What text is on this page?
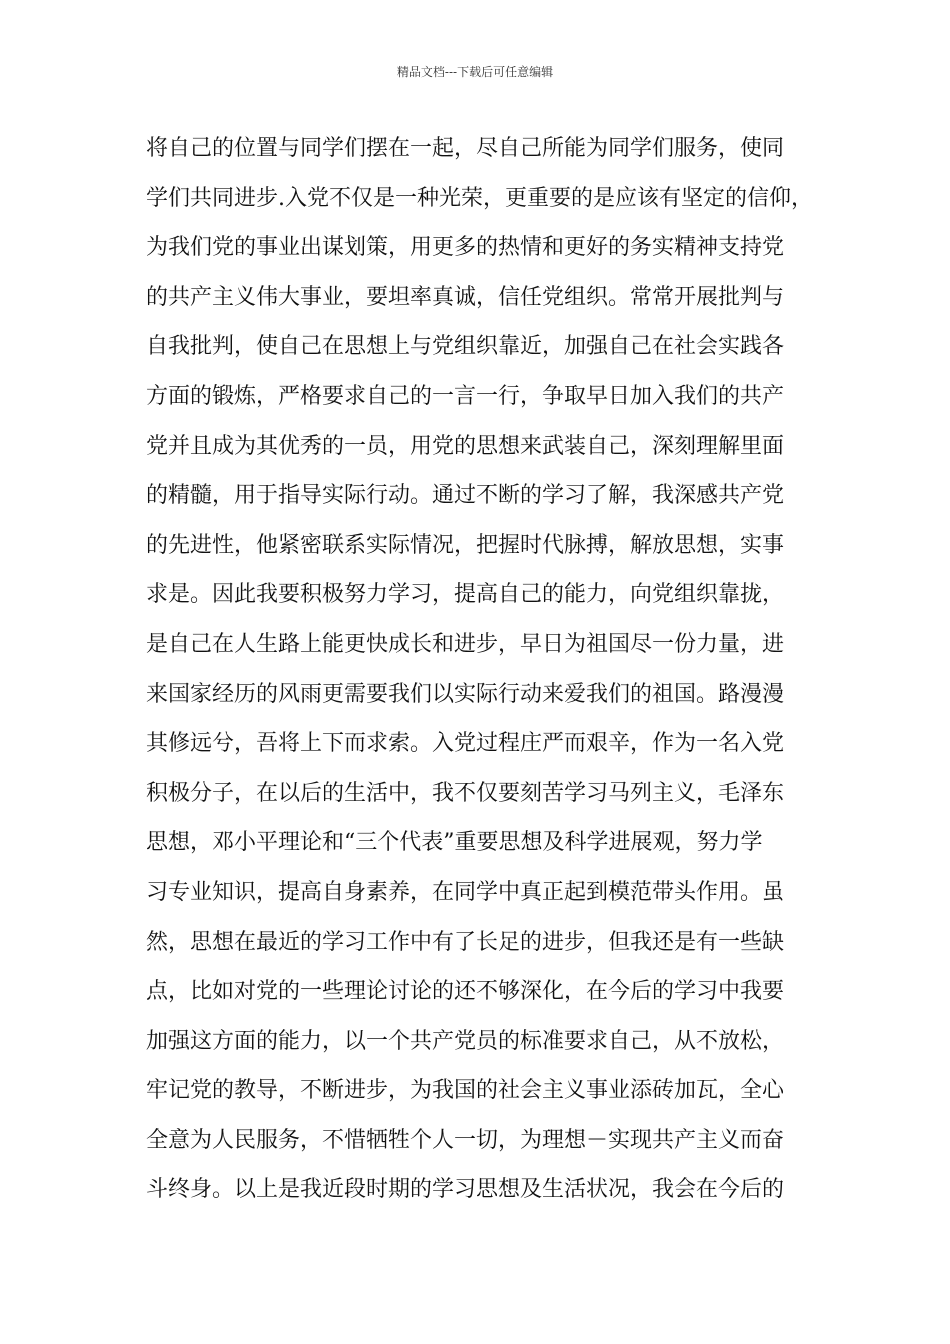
精品文档---下载后可任意编辑
将自己的位置与同学们摆在一起，尽自己所能为同学们服务，使同
学们共同进步.入党不仅是一种光荣，更重要的是应该有坚定的信仰，
为我们党的事业出谋划策，用更多的热情和更好的务实精神支持党
的共产主义伟大事业，要坦率真诚，信任党组织。常常开展批判与
自我批判，使自己在思想上与党组织靠近，加强自己在社会实践各
方面的锻炼，严格要求自己的一言一行，争取早日加入我们的共产
党并且成为其优秀的一员，用党的思想来武装自己，深刻理解里面
的精髓，用于指导实际行动。通过不断的学习了解，我深感共产党
的先进性，他紧密联系实际情况，把握时代脉搏，解放思想，实事
求是。因此我要积极努力学习，提高自己的能力，向党组织靠拢，
是自己在人生路上能更快成长和进步，早日为祖国尽一份力量，进
来国家经历的风雨更需要我们以实际行动来爱我们的祖国。路漫漫
其修远兮，吾将上下而求索。入党过程庄严而艰辛，作为一名入党
积极分子，在以后的生活中，我不仅要刻苦学习马列主义，毛泽东
思想，邓小平理论和“三个代表”重要思想及科学进展观，努力学
习专业知识，提高自身素养，在同学中真正起到模范带头作用。虽
然，思想在最近的学习工作中有了长足的进步，但我还是有一些缺
点，比如对党的一些理论讨论的还不够深化，在今后的学习中我要
加强这方面的能力，以一个共产党员的标准要求自己，从不放松，
牢记党的教导，不断进步，为我国的社会主义事业添砖加瓦，全心
全意为人民服务，不惜牺牲个人一切，为理想－实现共产主义而奋
斗终身。以上是我近段时期的学习思想及生活状况，我会在今后的
